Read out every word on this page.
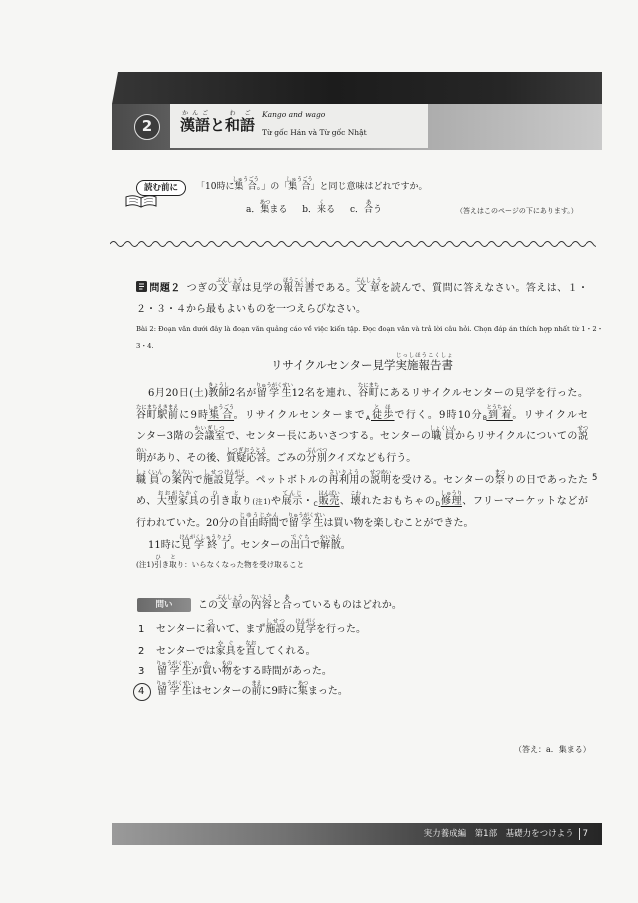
2	漢語かんごと和語わご Kango and wago
Từ gốc Hán và Từ gốc Nhật
読む前に	「10時に集合しゅうごう。」の「集合しゅうごう」と同じ意味はどれですか。
a．集あつまる b．来くる c．合あう	（答えはこのページの下にあります。）
問題２ つぎの文章ぶんしょうは見学の報告書ほうこくしょである。文章ぶんしょうを読んで、質問に答えなさい。答えは、１・
２・３・４から最もよいものを一つえらびなさい。
Bài 2: Đoạn văn dưới đây là đoạn văn quảng cáo về việc kiến tập. Đọc đoạn văn và trả lời câu hỏi. Chọn đáp án thích hợp nhất từ 1・2・
3・4.
リサイクルセンター見学実施報告書じっしほうこくしょ
6月20日(土)教師きょうし2名が留学生りゅうがくせい12名を連れ、谷町たにまちにあるリサイクルセンターの見学を行った。
谷町駅前たにまちえきまえに9時集合しゅうごう。リサイクルセンターまで$_A$徒歩とほで行く。9時10分$_B$到着とうちゃく。リサイクルセ
ンター3階の会議室かいぎしつで、センター長にあいさつする。センターの職員しょくいんからリサイクルについての説せつ
明めいがあり、その後、質疑応答しつぎおうとう。ごみの分別ぶんべつクイズなども行う。
職員しょくいんの案内あんないで施設しせつ見学けんがく。ペットボトルの再利用さいりようの説明せつめいを受ける。センターの祭まつりの日であったた
め、大型家具おおがたかぐの引ひき取とり(注1)や展示てんじ・$_C$販売はんばい、壊こわれたおもちゃの$_D$修理しゅうり、フリーマーケットなどが
行われていた。20分の自由時間じゆうじかんで留学生りゅうがくせいは買い物を楽しむことができた。
11時に見学終了けんがくしゅうりょう。センターの出口でぐちで解散かいさん。
5
(注1)引ひき取とり：いらなくなった物を受け取ること
問い	この文章ぶんしょうの内容ないようと合あっているものはどれか。
1 センターに着ついて、まず施設しせつの見学けんがくを行った。
2 センターでは家具かぐを直なおしてくれる。
3 留学生りゅうがくせいが買かい物ものをする時間があった。
4 留学生りゅうがくせいはセンターの前まえに9時に集あつまった。
（答え：a．集まる）
実力養成編　第1部　基礎力をつけよう 7
